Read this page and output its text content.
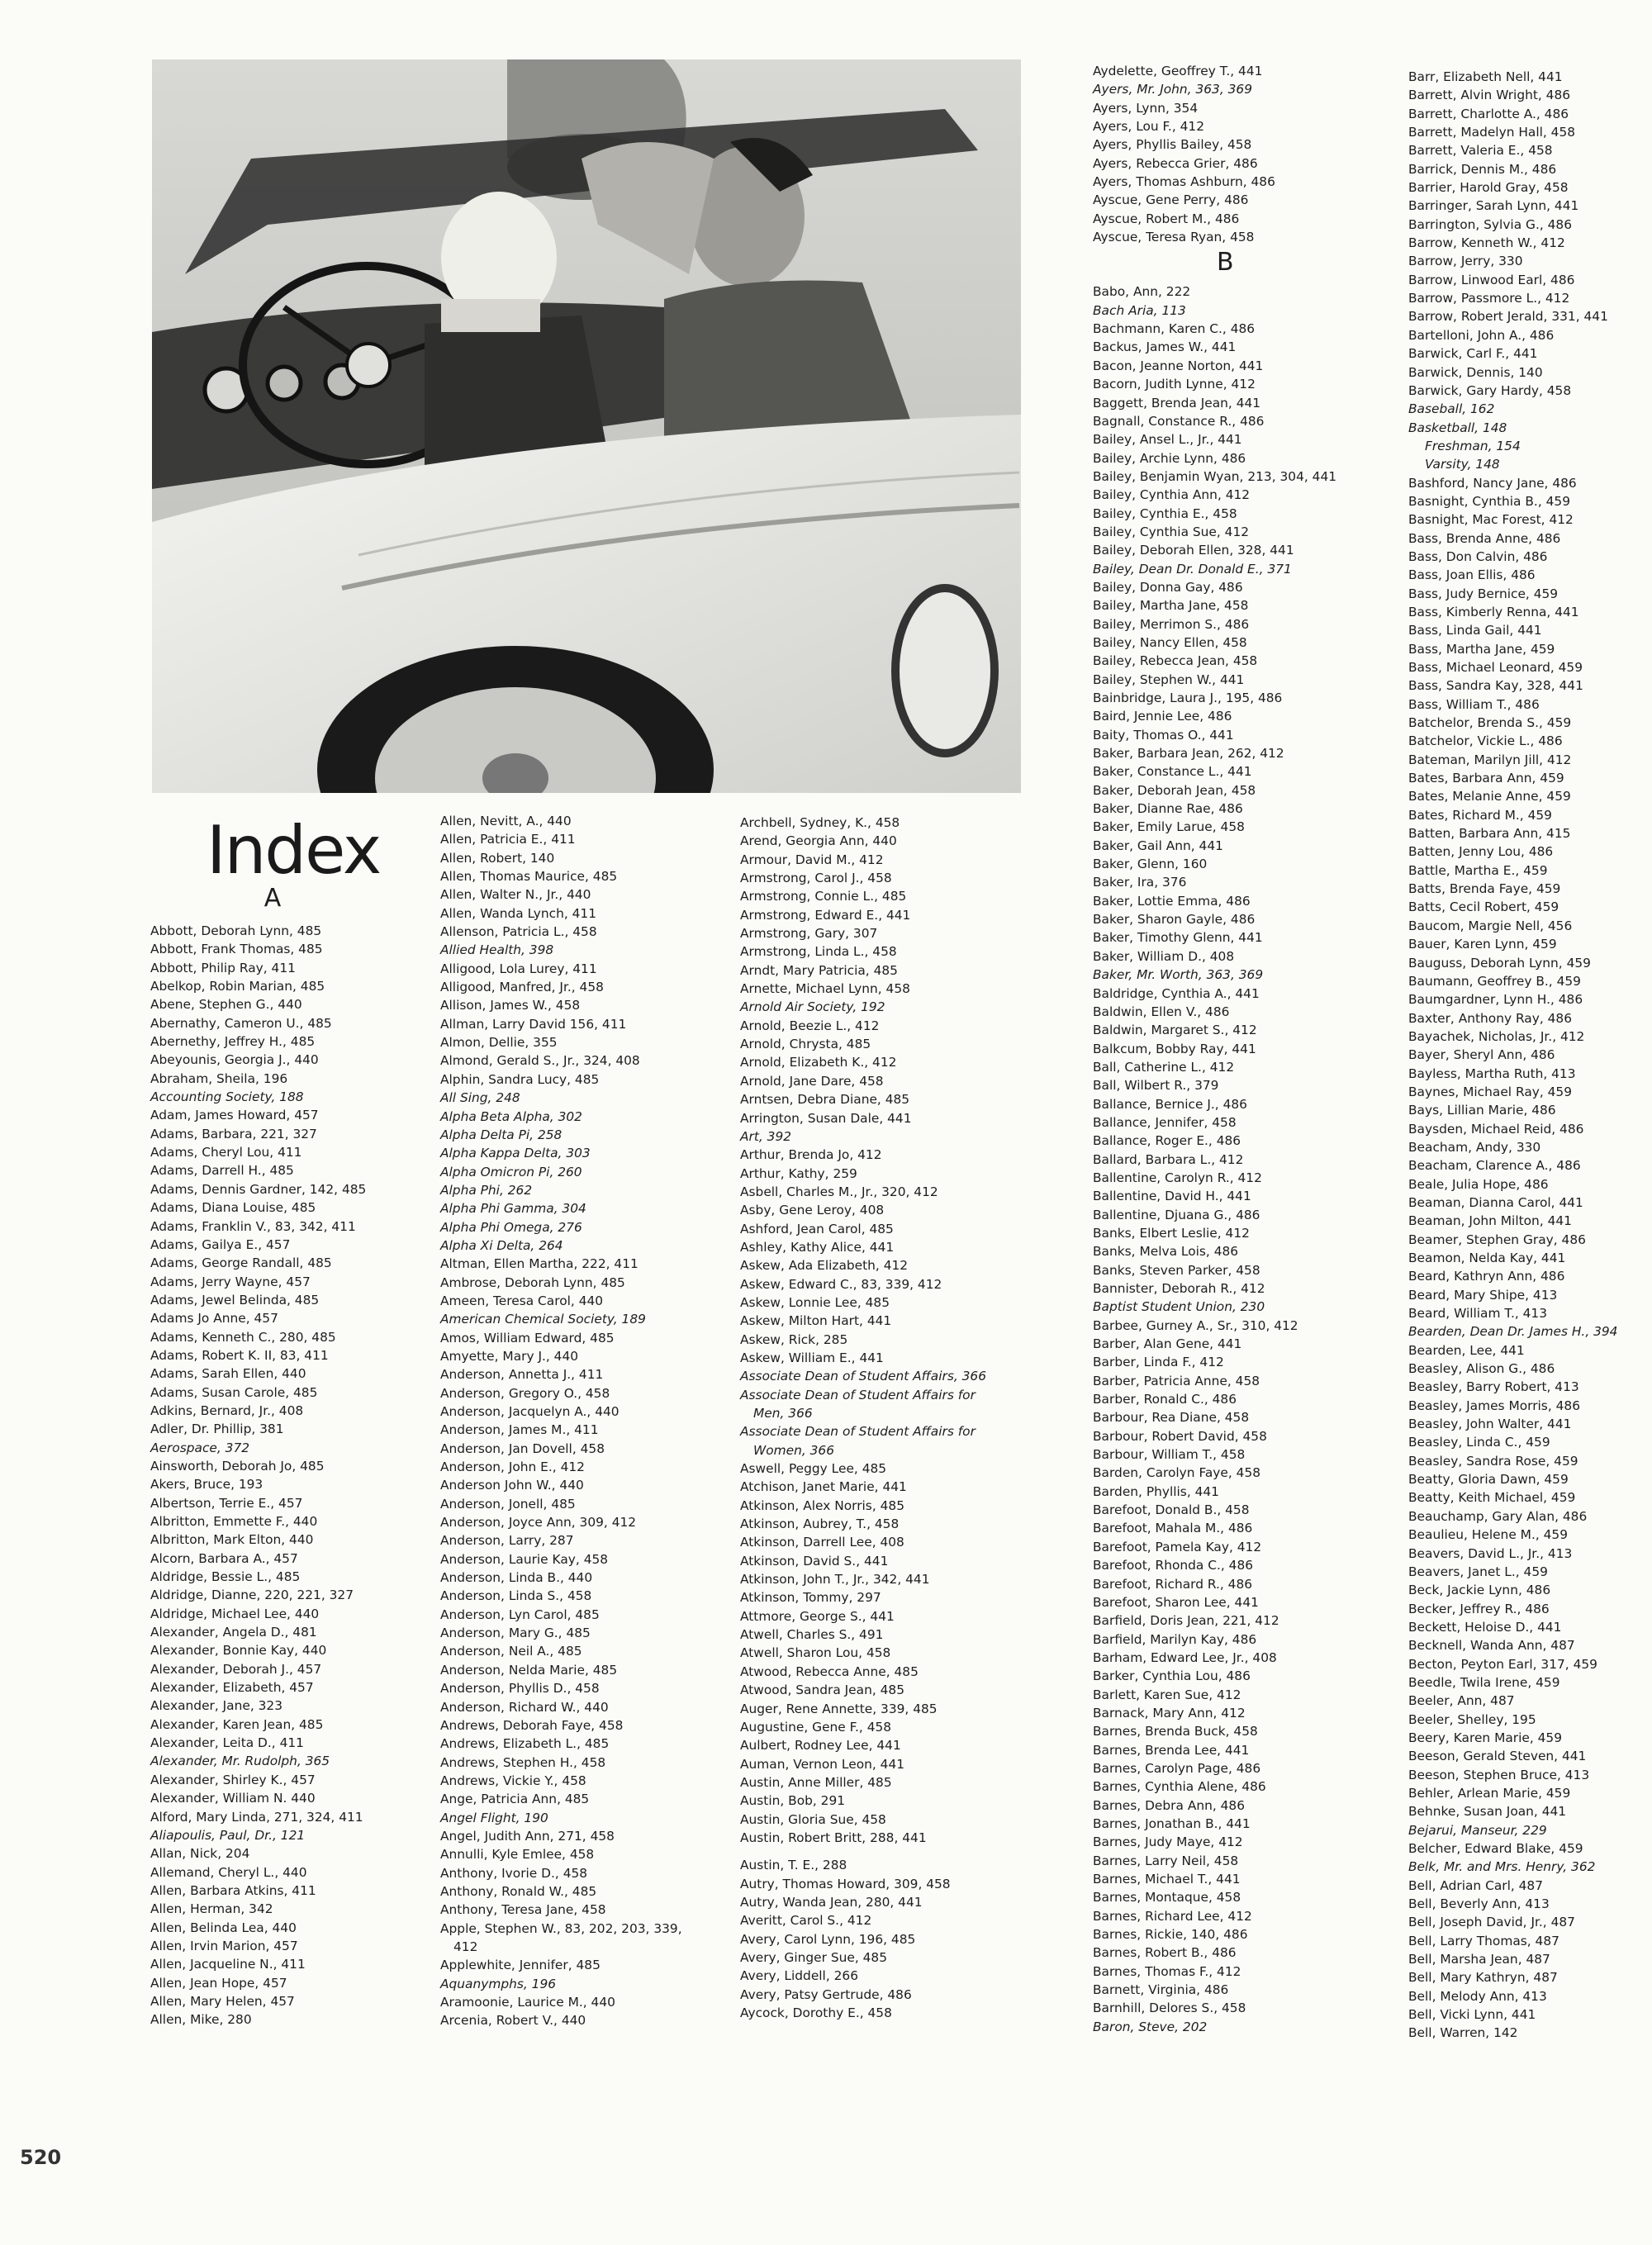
Index
A
Abbott, Deborah Lynn, 485
Abbott, Frank Thomas, 485
Abbott, Philip Ray, 411
Abelkop, Robin Marian, 485
Abene, Stephen G., 440
Abernathy, Cameron U., 485
Abernethy, Jeffrey H., 485
Abeyounis, Georgia J., 440
Abraham, Sheila, 196
Accounting Society, 188
Adam, James Howard, 457
Adams, Barbara, 221, 327
Adams, Cheryl Lou, 411
Adams, Darrell H., 485
Adams, Dennis Gardner, 142, 485
Adams, Diana Louise, 485
Adams, Franklin V., 83, 342, 411
Adams, Gailya E., 457
Adams, George Randall, 485
Adams, Jerry Wayne, 457
Adams, Jewel Belinda, 485
Adams Jo Anne, 457
Adams, Kenneth C., 280, 485
Adams, Robert K. II, 83, 411
Adams, Sarah Ellen, 440
Adams, Susan Carole, 485
Adkins, Bernard, Jr., 408
Adler, Dr. Phillip, 381
Aerospace, 372
Ainsworth, Deborah Jo, 485
Akers, Bruce, 193
Albertson, Terrie E., 457
Albritton, Emmette F., 440
Albritton, Mark Elton, 440
Alcorn, Barbara A., 457
Aldridge, Bessie L., 485
Aldridge, Dianne, 220, 221, 327
Aldridge, Michael Lee, 440
Alexander, Angela D., 481
Alexander, Bonnie Kay, 440
Alexander, Deborah J., 457
Alexander, Elizabeth, 457
Alexander, Jane, 323
Alexander, Karen Jean, 485
Alexander, Leita D., 411
Alexander, Mr. Rudolph, 365
Alexander, Shirley K., 457
Alexander, William N. 440
Alford, Mary Linda, 271, 324, 411
Aliapoulis, Paul, Dr., 121
Allan, Nick, 204
Allemand, Cheryl L., 440
Allen, Barbara Atkins, 411
Allen, Herman, 342
Allen, Belinda Lea, 440
Allen, Irvin Marion, 457
Allen, Jacqueline N., 411
Allen, Jean Hope, 457
Allen, Mary Helen, 457
Allen, Mike, 280
Allen, Nevitt, A., 440
Allen, Patricia E., 411
Allen, Robert, 140
Allen, Thomas Maurice, 485
Allen, Walter N., Jr., 440
Allen, Wanda Lynch, 411
Allenson, Patricia L., 458
Allied Health, 398
Alligood, Lola Lurey, 411
Alligood, Manfred, Jr., 458
Allison, James W., 458
Allman, Larry David 156, 411
Almon, Dellie, 355
Almond, Gerald S., Jr., 324, 408
Alphin, Sandra Lucy, 485
All Sing, 248
Alpha Beta Alpha, 302
Alpha Delta Pi, 258
Alpha Kappa Delta, 303
Alpha Omicron Pi, 260
Alpha Phi, 262
Alpha Phi Gamma, 304
Alpha Phi Omega, 276
Alpha Xi Delta, 264
Altman, Ellen Martha, 222, 411
Ambrose, Deborah Lynn, 485
Ameen, Teresa Carol, 440
American Chemical Society, 189
Amos, William Edward, 485
Amyette, Mary J., 440
Anderson, Annetta J., 411
Anderson, Gregory O., 458
Anderson, Jacquelyn A., 440
Anderson, James M., 411
Anderson, Jan Dovell, 458
Anderson, John E., 412
Anderson John W., 440
Anderson, Jonell, 485
Anderson, Joyce Ann, 309, 412
Anderson, Larry, 287
Anderson, Laurie Kay, 458
Anderson, Linda B., 440
Anderson, Linda S., 458
Anderson, Lyn Carol, 485
Anderson, Mary G., 485
Anderson, Neil A., 485
Anderson, Nelda Marie, 485
Anderson, Phyllis D., 458
Anderson, Richard W., 440
Andrews, Deborah Faye, 458
Andrews, Elizabeth L., 485
Andrews, Stephen H., 458
Andrews, Vickie Y., 458
Ange, Patricia Ann, 485
Angel Flight, 190
Angel, Judith Ann, 271, 458
Annulli, Kyle Emlee, 458
Anthony, Ivorie D., 458
Anthony, Ronald W., 485
Anthony, Teresa Jane, 458
Apple, Stephen W., 83, 202, 203, 339,
412
Applewhite, Jennifer, 485
Aquanymphs, 196
Aramoonie, Laurice M., 440
Arcenia, Robert V., 440
Archbell, Sydney, K., 458
Arend, Georgia Ann, 440
Armour, David M., 412
Armstrong, Carol J., 458
Armstrong, Connie L., 485
Armstrong, Edward E., 441
Armstrong, Gary, 307
Armstrong, Linda L., 458
Arndt, Mary Patricia, 485
Arnette, Michael Lynn, 458
Arnold Air Society, 192
Arnold, Beezie L., 412
Arnold, Chrysta, 485
Arnold, Elizabeth K., 412
Arnold, Jane Dare, 458
Arntsen, Debra Diane, 485
Arrington, Susan Dale, 441
Art, 392
Arthur, Brenda Jo, 412
Arthur, Kathy, 259
Asbell, Charles M., Jr., 320, 412
Asby, Gene Leroy, 408
Ashford, Jean Carol, 485
Ashley, Kathy Alice, 441
Askew, Ada Elizabeth, 412
Askew, Edward C., 83, 339, 412
Askew, Lonnie Lee, 485
Askew, Milton Hart, 441
Askew, Rick, 285
Askew, William E., 441
Associate Dean of Student Affairs, 366
Associate Dean of Student Affairs for
Men, 366
Associate Dean of Student Affairs for
Women, 366
Aswell, Peggy Lee, 485
Atchison, Janet Marie, 441
Atkinson, Alex Norris, 485
Atkinson, Aubrey, T., 458
Atkinson, Darrell Lee, 408
Atkinson, David S., 441
Atkinson, John T., Jr., 342, 441
Atkinson, Tommy, 297
Attmore, George S., 441
Atwell, Charles S., 491
Atwell, Sharon Lou, 458
Atwood, Rebecca Anne, 485
Atwood, Sandra Jean, 485
Auger, Rene Annette, 339, 485
Augustine, Gene F., 458
Aulbert, Rodney Lee, 441
Auman, Vernon Leon, 441
Austin, Anne Miller, 485
Austin, Bob, 291
Austin, Gloria Sue, 458
Austin, Robert Britt, 288, 441
Austin, T. E., 288
Autry, Thomas Howard, 309, 458
Autry, Wanda Jean, 280, 441
Averitt, Carol S., 412
Avery, Carol Lynn, 196, 485
Avery, Ginger Sue, 485
Avery, Liddell, 266
Avery, Patsy Gertrude, 486
Aycock, Dorothy E., 458
Aydelette, Geoffrey T., 441
Ayers, Mr. John, 363, 369
Ayers, Lynn, 354
Ayers, Lou F., 412
Ayers, Phyllis Bailey, 458
Ayers, Rebecca Grier, 486
Ayers, Thomas Ashburn, 486
Ayscue, Gene Perry, 486
Ayscue, Robert M., 486
Ayscue, Teresa Ryan, 458
B
Babo, Ann, 222
Bach Aria, 113
Bachmann, Karen C., 486
Backus, James W., 441
Bacon, Jeanne Norton, 441
Bacorn, Judith Lynne, 412
Baggett, Brenda Jean, 441
Bagnall, Constance R., 486
Bailey, Ansel L., Jr., 441
Bailey, Archie Lynn, 486
Bailey, Benjamin Wyan, 213, 304, 441
Bailey, Cynthia Ann, 412
Bailey, Cynthia E., 458
Bailey, Cynthia Sue, 412
Bailey, Deborah Ellen, 328, 441
Bailey, Dean Dr. Donald E., 371
Bailey, Donna Gay, 486
Bailey, Martha Jane, 458
Bailey, Merrimon S., 486
Bailey, Nancy Ellen, 458
Bailey, Rebecca Jean, 458
Bailey, Stephen W., 441
Bainbridge, Laura J., 195, 486
Baird, Jennie Lee, 486
Baity, Thomas O., 441
Baker, Barbara Jean, 262, 412
Baker, Constance L., 441
Baker, Deborah Jean, 458
Baker, Dianne Rae, 486
Baker, Emily Larue, 458
Baker, Gail Ann, 441
Baker, Glenn, 160
Baker, Ira, 376
Baker, Lottie Emma, 486
Baker, Sharon Gayle, 486
Baker, Timothy Glenn, 441
Baker, William D., 408
Baker, Mr. Worth, 363, 369
Baldridge, Cynthia A., 441
Baldwin, Ellen V., 486
Baldwin, Margaret S., 412
Balkcum, Bobby Ray, 441
Ball, Catherine L., 412
Ball, Wilbert R., 379
Ballance, Bernice J., 486
Ballance, Jennifer, 458
Ballance, Roger E., 486
Ballard, Barbara L., 412
Ballentine, Carolyn R., 412
Ballentine, David H., 441
Ballentine, Djuana G., 486
Banks, Elbert Leslie, 412
Banks, Melva Lois, 486
Banks, Steven Parker, 458
Bannister, Deborah R., 412
Baptist Student Union, 230
Barbee, Gurney A., Sr., 310, 412
Barber, Alan Gene, 441
Barber, Linda F., 412
Barber, Patricia Anne, 458
Barber, Ronald C., 486
Barbour, Rea Diane, 458
Barbour, Robert David, 458
Barbour, William T., 458
Barden, Carolyn Faye, 458
Barden, Phyllis, 441
Barefoot, Donald B., 458
Barefoot, Mahala M., 486
Barefoot, Pamela Kay, 412
Barefoot, Rhonda C., 486
Barefoot, Richard R., 486
Barefoot, Sharon Lee, 441
Barfield, Doris Jean, 221, 412
Barfield, Marilyn Kay, 486
Barham, Edward Lee, Jr., 408
Barker, Cynthia Lou, 486
Barlett, Karen Sue, 412
Barnack, Mary Ann, 412
Barnes, Brenda Buck, 458
Barnes, Brenda Lee, 441
Barnes, Carolyn Page, 486
Barnes, Cynthia Alene, 486
Barnes, Debra Ann, 486
Barnes, Jonathan B., 441
Barnes, Judy Maye, 412
Barnes, Larry Neil, 458
Barnes, Michael T., 441
Barnes, Montaque, 458
Barnes, Richard Lee, 412
Barnes, Rickie, 140, 486
Barnes, Robert B., 486
Barnes, Thomas F., 412
Barnett, Virginia, 486
Barnhill, Delores S., 458
Baron, Steve, 202
Barr, Elizabeth Nell, 441
Barrett, Alvin Wright, 486
Barrett, Charlotte A., 486
Barrett, Madelyn Hall, 458
Barrett, Valeria E., 458
Barrick, Dennis M., 486
Barrier, Harold Gray, 458
Barringer, Sarah Lynn, 441
Barrington, Sylvia G., 486
Barrow, Kenneth W., 412
Barrow, Jerry, 330
Barrow, Linwood Earl, 486
Barrow, Passmore L., 412
Barrow, Robert Jerald, 331, 441
Bartelloni, John A., 486
Barwick, Carl F., 441
Barwick, Dennis, 140
Barwick, Gary Hardy, 458
Baseball, 162
Basketball, 148
Freshman, 154
Varsity, 148
Bashford, Nancy Jane, 486
Basnight, Cynthia B., 459
Basnight, Mac Forest, 412
Bass, Brenda Anne, 486
Bass, Don Calvin, 486
Bass, Joan Ellis, 486
Bass, Judy Bernice, 459
Bass, Kimberly Renna, 441
Bass, Linda Gail, 441
Bass, Martha Jane, 459
Bass, Michael Leonard, 459
Bass, Sandra Kay, 328, 441
Bass, William T., 486
Batchelor, Brenda S., 459
Batchelor, Vickie L., 486
Bateman, Marilyn Jill, 412
Bates, Barbara Ann, 459
Bates, Melanie Anne, 459
Bates, Richard M., 459
Batten, Barbara Ann, 415
Batten, Jenny Lou, 486
Battle, Martha E., 459
Batts, Brenda Faye, 459
Batts, Cecil Robert, 459
Baucom, Margie Nell, 456
Bauer, Karen Lynn, 459
Bauguss, Deborah Lynn, 459
Baumann, Geoffrey B., 459
Baumgardner, Lynn H., 486
Baxter, Anthony Ray, 486
Bayachek, Nicholas, Jr., 412
Bayer, Sheryl Ann, 486
Bayless, Martha Ruth, 413
Baynes, Michael Ray, 459
Bays, Lillian Marie, 486
Baysden, Michael Reid, 486
Beacham, Andy, 330
Beacham, Clarence A., 486
Beale, Julia Hope, 486
Beaman, Dianna Carol, 441
Beaman, John Milton, 441
Beamer, Stephen Gray, 486
Beamon, Nelda Kay, 441
Beard, Kathryn Ann, 486
Beard, Mary Shipe, 413
Beard, William T., 413
Bearden, Dean Dr. James H., 394
Bearden, Lee, 441
Beasley, Alison G., 486
Beasley, Barry Robert, 413
Beasley, James Morris, 486
Beasley, John Walter, 441
Beasley, Linda C., 459
Beasley, Sandra Rose, 459
Beatty, Gloria Dawn, 459
Beatty, Keith Michael, 459
Beauchamp, Gary Alan, 486
Beaulieu, Helene M., 459
Beavers, David L., Jr., 413
Beavers, Janet L., 459
Beck, Jackie Lynn, 486
Becker, Jeffrey R., 486
Beckett, Heloise D., 441
Becknell, Wanda Ann, 487
Becton, Peyton Earl, 317, 459
Beedle, Twila Irene, 459
Beeler, Ann, 487
Beeler, Shelley, 195
Beery, Karen Marie, 459
Beeson, Gerald Steven, 441
Beeson, Stephen Bruce, 413
Behler, Arlean Marie, 459
Behnke, Susan Joan, 441
Bejarui, Manseur, 229
Belcher, Edward Blake, 459
Belk, Mr. and Mrs. Henry, 362
Bell, Adrian Carl, 487
Bell, Beverly Ann, 413
Bell, Joseph David, Jr., 487
Bell, Larry Thomas, 487
Bell, Marsha Jean, 487
Bell, Mary Kathryn, 487
Bell, Melody Ann, 413
Bell, Vicki Lynn, 441
Bell, Warren, 142
520
